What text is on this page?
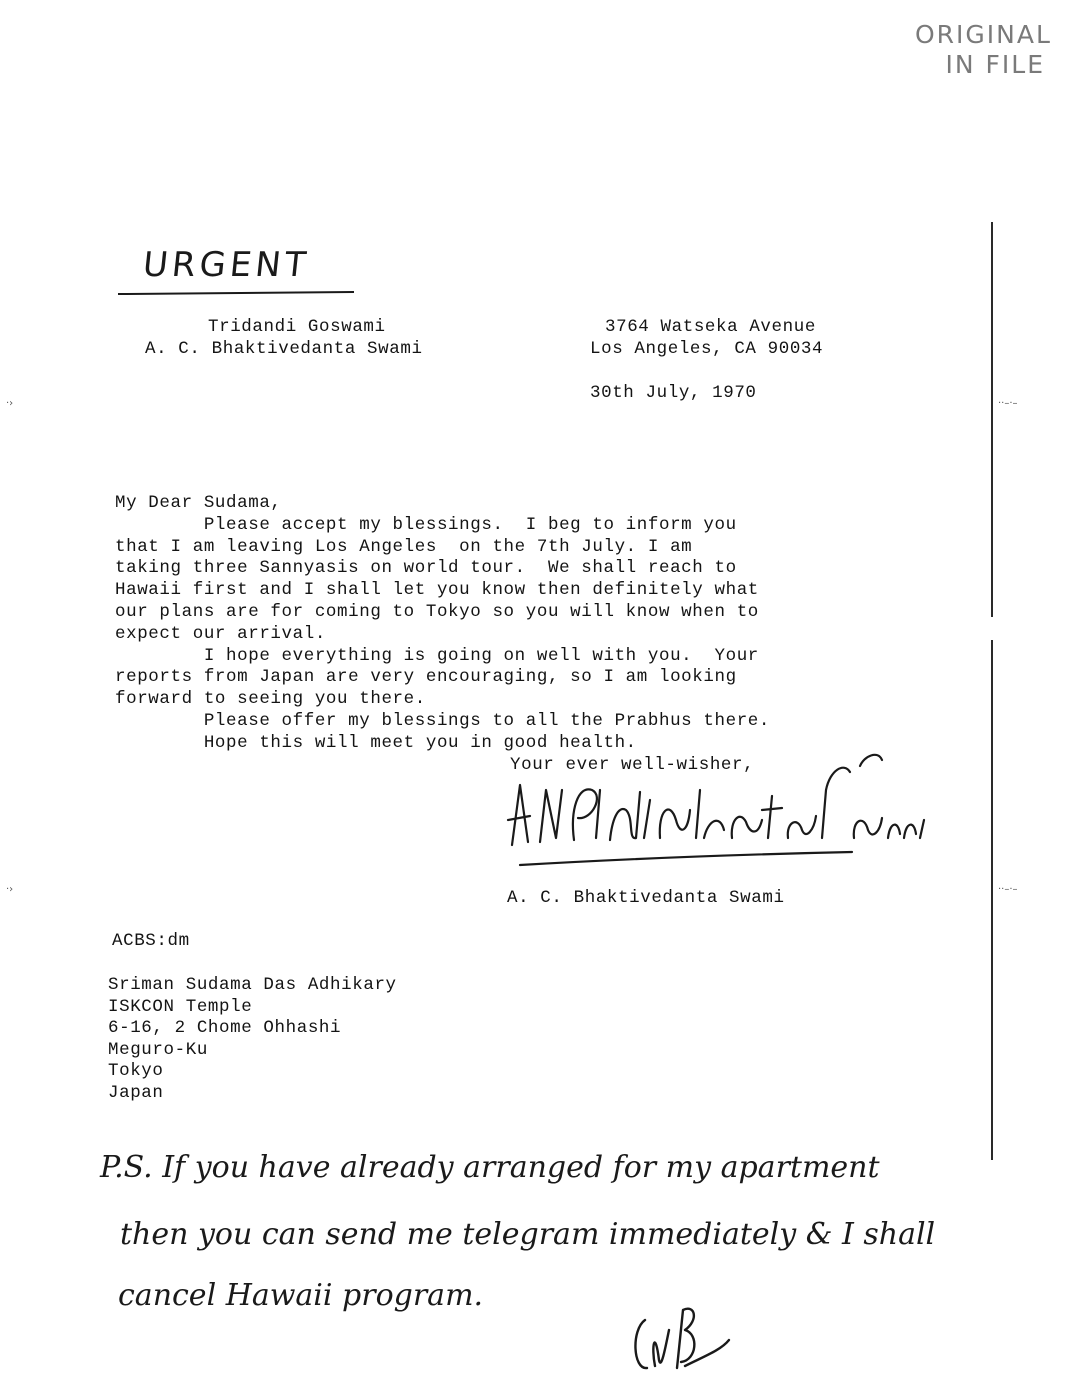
ORIGINAL
IN FILE
URGENT
Tridandi Goswami
A. C. Bhaktivedanta Swami
3764 Watseka Avenue
Los Angeles, CA 90034
30th July, 1970
My Dear Sudama,
Please accept my blessings.  I beg to inform you
that I am leaving Los Angeles  on the 7th July. I am
taking three Sannyasis on world tour.  We shall reach to
Hawaii first and I shall let you know then definitely what
our plans are for coming to Tokyo so you will know when to
expect our arrival.
I hope everything is going on well with you.  Your
reports from Japan are very encouraging, so I am looking
forward to seeing you there.
Please offer my blessings to all the Prabhus there.
Hope this will meet you in good health.
Your ever well-wisher,
A. C. Bhaktivedanta Swami
ACBS:dm
Sriman Sudama Das Adhikary
ISKCON Temple
6-16, 2 Chome Ohhashi
Meguro-Ku
Tokyo
Japan
P.S. If you have already arranged for my apartment
then you can send me telegram immediately & I shall
cancel Hawaii program.
·›
·›
··–·–
··–·–
